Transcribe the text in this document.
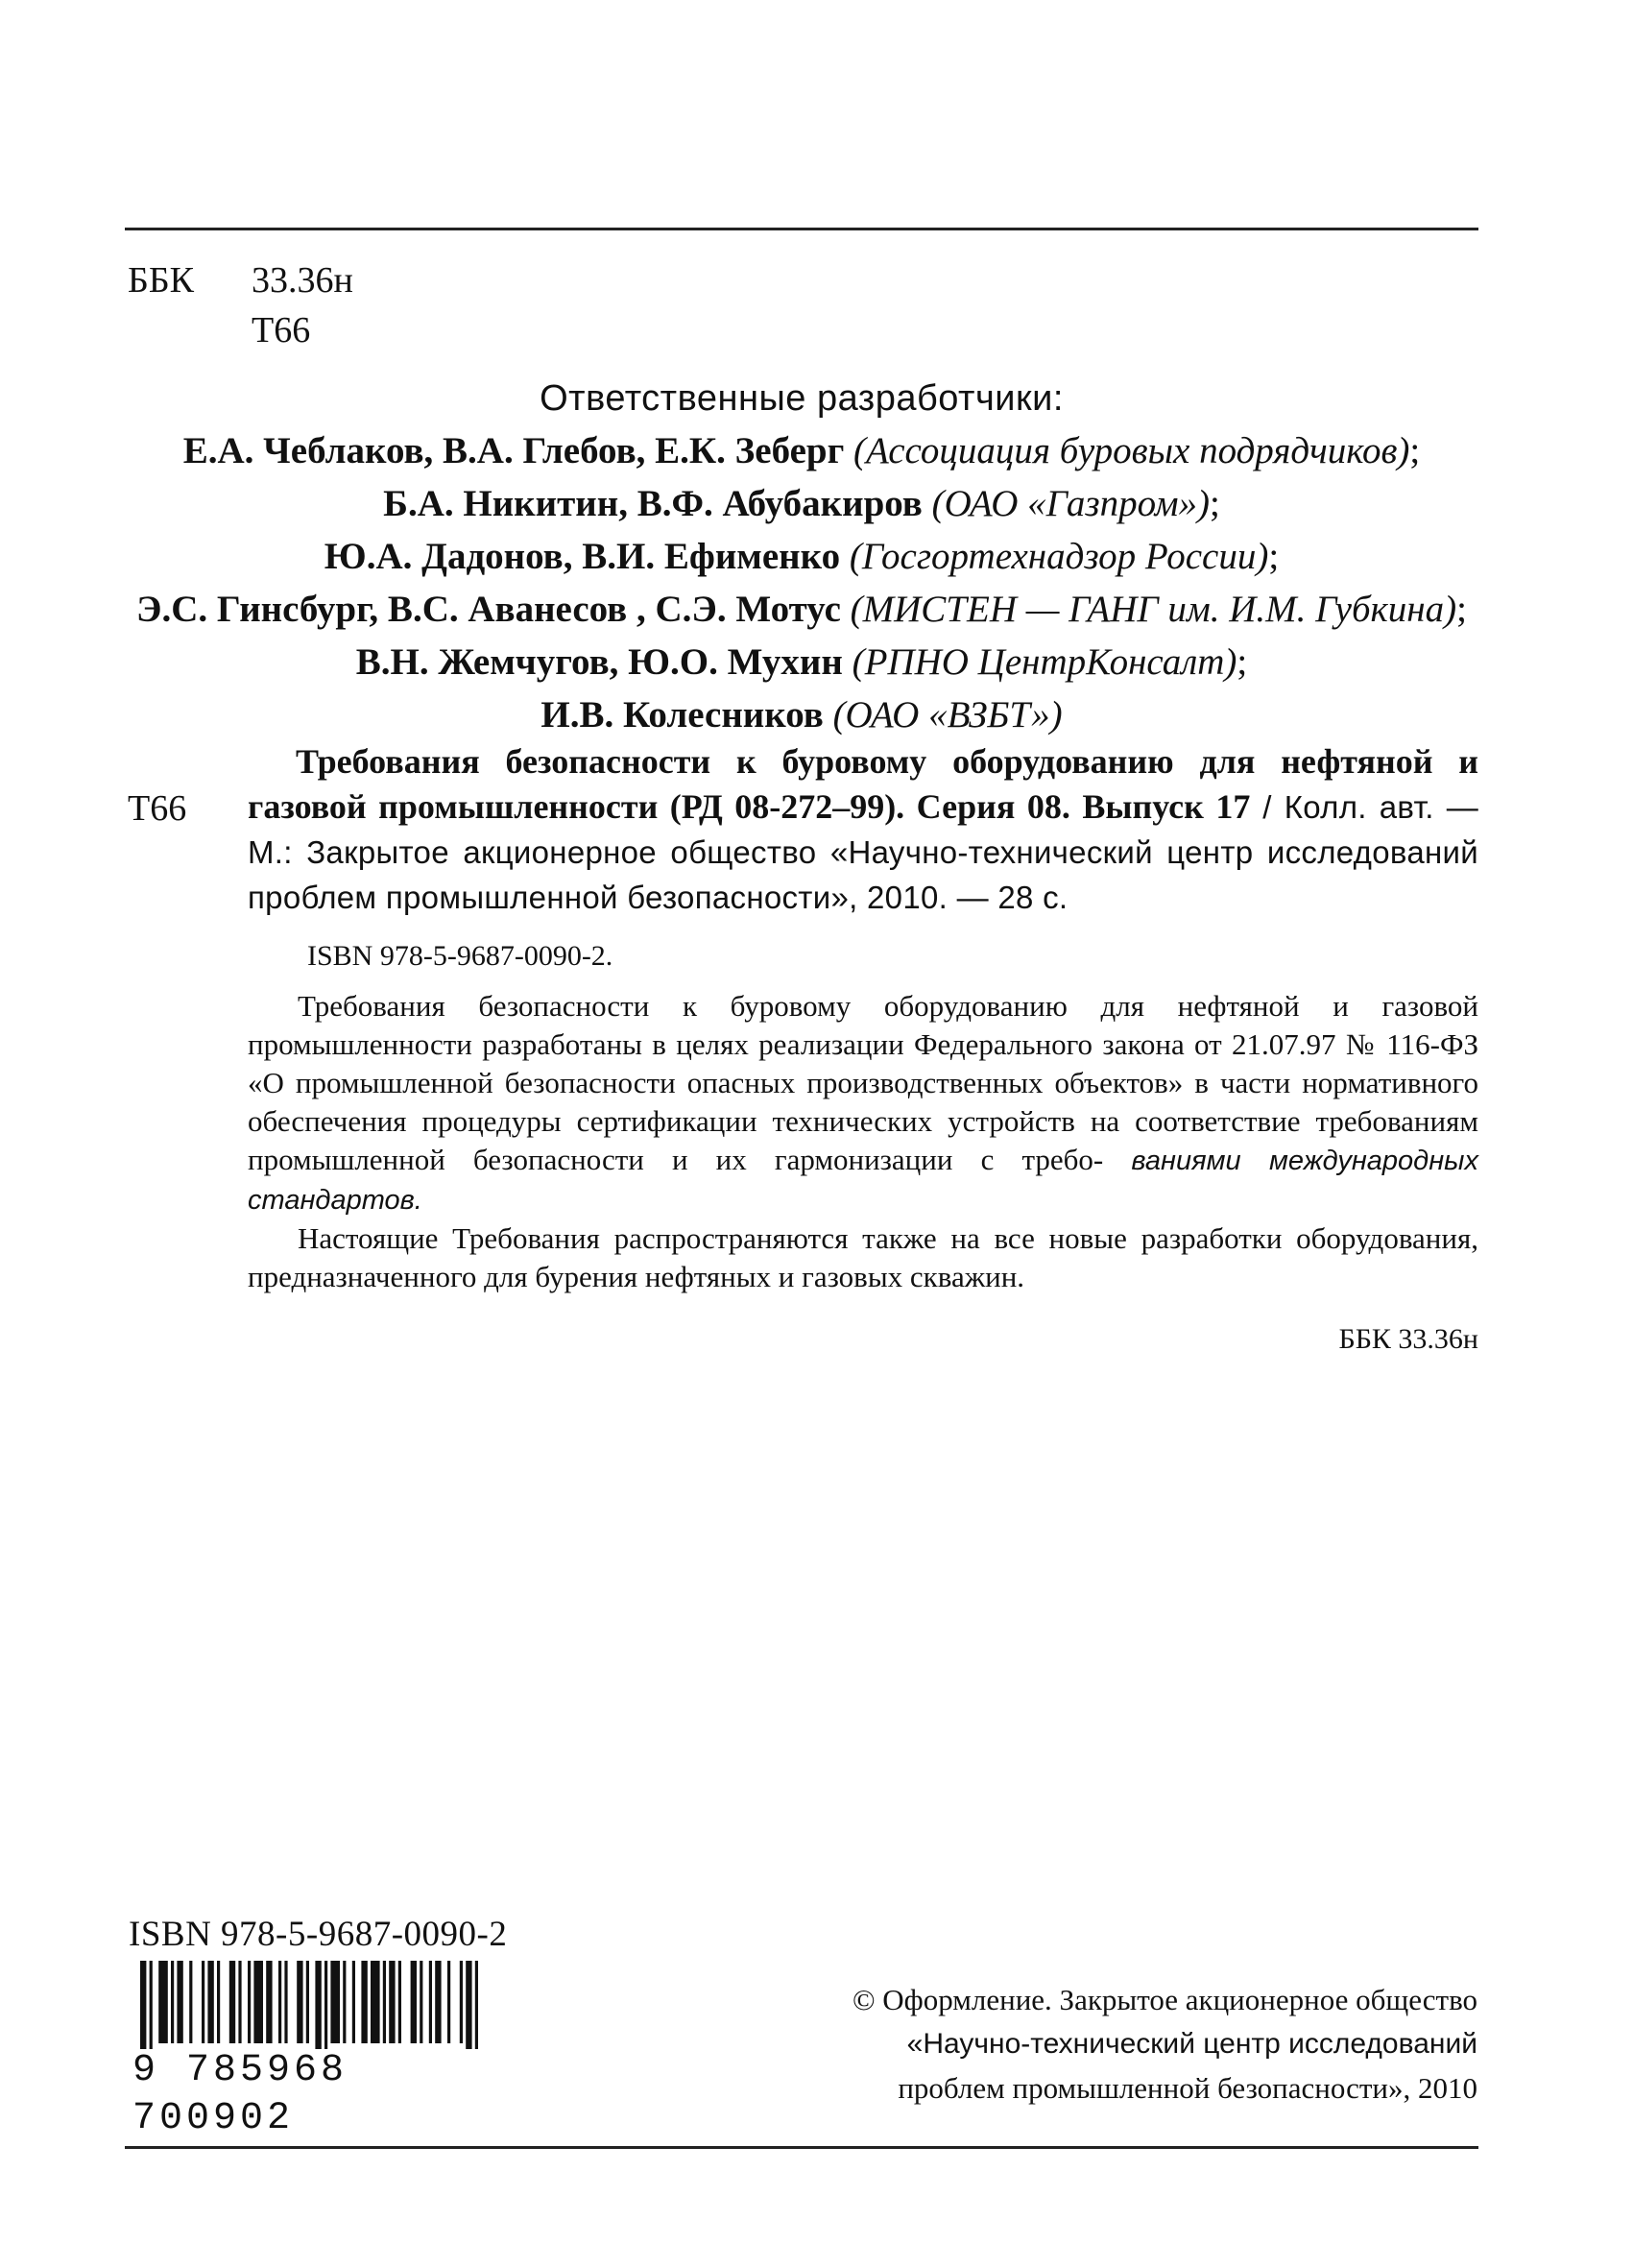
ББК 33.36н
Т66
Ответственные разработчики:
Е.А. Чеблаков, В.А. Глебов, Е.К. Зеберг (Ассоциация буровых подрядчиков);
Б.А. Никитин, В.Ф. Абубакиров (ОАО «Газпром»);
Ю.А. Дадонов, В.И. Ефименко (Госгортехнадзор России);
Э.С. Гинсбург, В.С. Аванесов , С.Э. Мотус (МИСТЕН — ГАНГ им. И.М. Губкина);
В.Н. Жемчугов, Ю.О. Мухин (РПНО ЦентрКонсалт);
И.В. Колесников (ОАО «ВЗБТ»)
Т66

Требования безопасности к буровому оборудованию для нефтяной и газовой промышленности (РД 08-272–99). Серия 08. Выпуск 17 / Колл. авт. — М.: Закрытое акционерное общество «Научно-технический центр исследований проблем промышленной безопасности», 2010. — 28 с.

ISBN 978-5-9687-0090-2.

Требования безопасности к буровому оборудованию для нефтяной и газовой промышленности разработаны в целях реализации Федерального закона от 21.07.97 № 116-ФЗ «О промышленной безопасности опасных производственных объектов» в части нормативного обеспечения процедуры сертификации технических устройств на соответствие требованиям промышленной безопасности и их гармонизации с требо- ваниями международных стандартов.

Настоящие Требования распространяются также на все новые разработки оборудования, предназначенного для бурения нефтяных и газовых скважин.

ББК 33.36н
ISBN 978-5-9687-0090-2
9 785968 700902

© Оформление. Закрытое акционерное общество

«Научно-технический центр исследований

проблем промышленной безопасности», 2010
